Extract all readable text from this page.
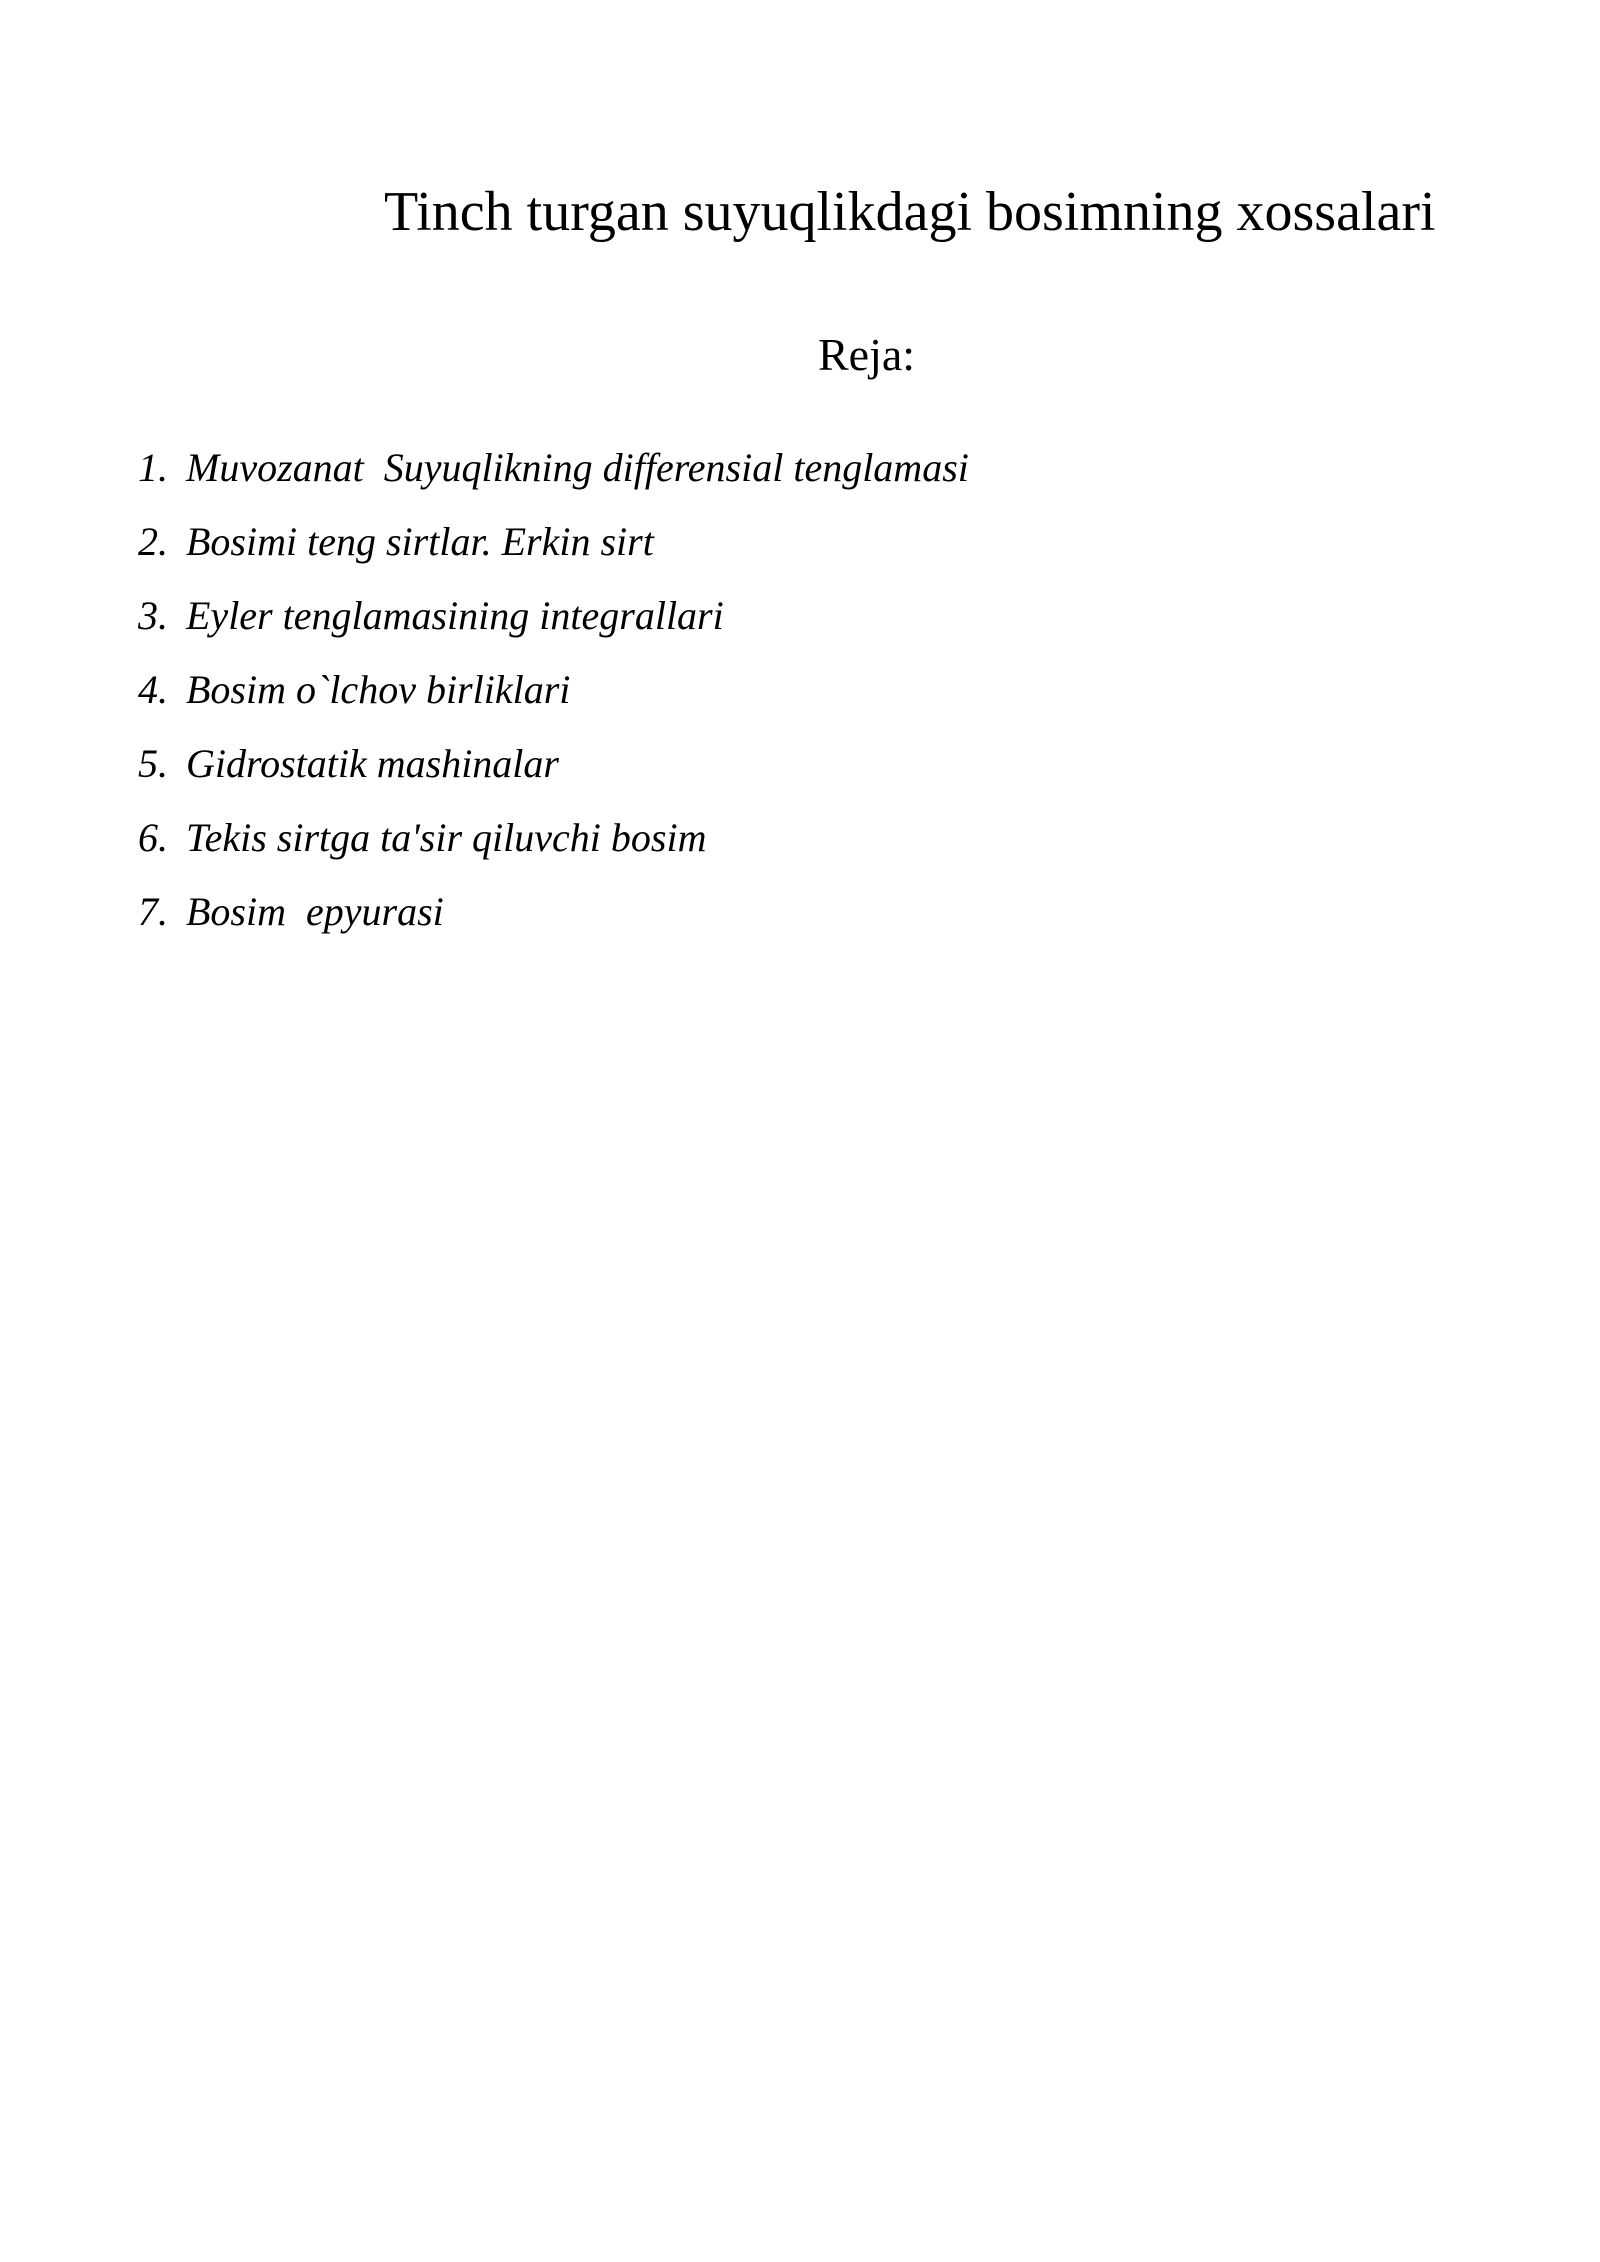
Tinch turgan suyuqlikdagi bosimning xossalari
Reja:
1. Muvozanat  Suyuqlikning differensial tenglamasi
2. Bosimi teng sirtlar. Erkin sirt
3. Eyler tenglamasining integrallari
4. Bosim o`lchov birliklari
5. Gidrostatik mashinalar
6. Tekis sirtga ta'sir qiluvchi bosim
7. Bosim  epyurasi
